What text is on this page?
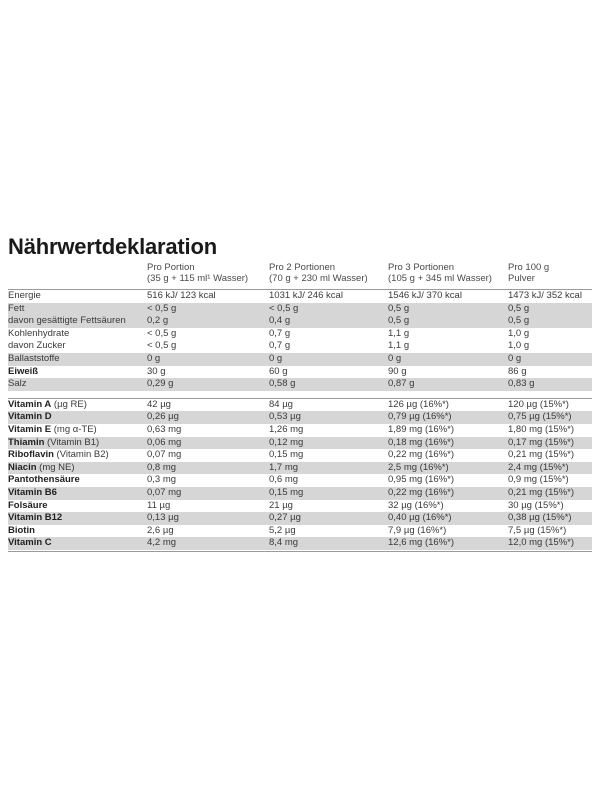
Nährwertdeklaration
Pro Portion
(35 g + 115 ml¹ Wasser)
Pro 2 Portionen
(70 g + 230 ml Wasser)
Pro 3 Portionen
(105 g + 345 ml Wasser)
Pro 100 g
Pulver
Energie	516 kJ/ 123 kcal	1031 kJ/ 246 kcal	1546 kJ/ 370 kcal	1473 kJ/ 352 kcal
Fett	< 0,5 g	< 0,5 g	0,5 g	0,5 g
davon gesättigte Fettsäuren	0,2 g	0,4 g	0,5 g	0,5 g
Kohlenhydrate	< 0,5 g	0,7 g	1,1 g	1,0 g
davon Zucker	< 0,5 g	0,7 g	1,1 g	1,0 g
Ballaststoffe	0 g	0 g	0 g	0 g
Eiweiß	30 g	60 g	90 g	86 g
Salz	0,29 g	0,58 g	0,87 g	0,83 g
Vitamin A (µg RE)	42 µg	84 µg	126 µg (16%*)	120 µg (15%*)
Vitamin D	0,26 µg	0,53 µg	0,79 µg (16%*)	0,75 µg (15%*)
Vitamin E (mg α-TE)	0,63 mg	1,26 mg	1,89 mg (16%*)	1,80 mg (15%*)
Thiamin (Vitamin B1)	0,06 mg	0,12 mg	0,18 mg (16%*)	0,17 mg (15%*)
Riboflavin (Vitamin B2)	0,07 mg	0,15 mg	0,22 mg (16%*)	0,21 mg (15%*)
Niacin (mg NE)	0,8 mg	1,7 mg	2,5 mg (16%*)	2,4 mg (15%*)
Pantothensäure	0,3 mg	0,6 mg	0,95 mg (16%*)	0,9 mg (15%*)
Vitamin B6	0,07 mg	0,15 mg	0,22 mg (16%*)	0,21 mg (15%*)
Folsäure	11 µg	21 µg	32 µg (16%*)	30 µg (15%*)
Vitamin B12	0,13 µg	0,27 µg	0,40 µg (16%*)	0,38 µg (15%*)
Biotin	2,6 µg	5,2 µg	7,9 µg (16%*)	7,5 µg (15%*)
Vitamin C	4,2 mg	8,4 mg	12,6 mg (16%*)	12,0 mg (15%*)
